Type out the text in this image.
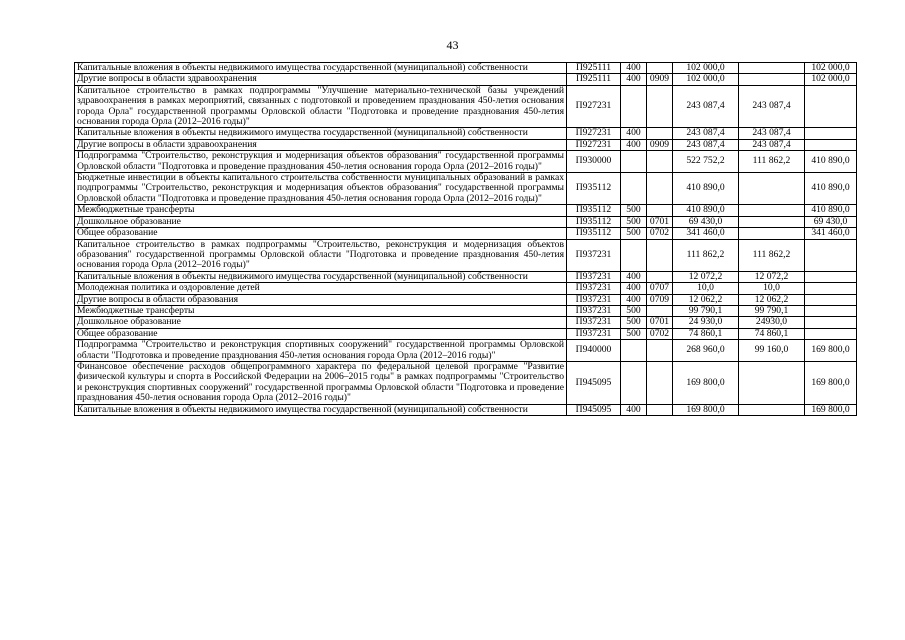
43
Капитальные вложения в объекты недвижимого имущества государственной (муниципальной) собственности	П925111	400		102 000,0		102 000,0
Другие вопросы в области здравоохранения	П925111	400	0909	102 000,0		102 000,0
Капитальное строительство в рамках подпрограммы "Улучшение материально-технической базы учреждений здравоохранения в рамках мероприятий, связанных с подготовкой и проведением празднования 450-летия основания города Орла" государственной программы Орловской области "Подготовка и проведение празднования 450-летия основания города Орла (2012–2016 годы)"	П927231			243 087,4	243 087,4	
Капитальные вложения в объекты недвижимого имущества государственной (муниципальной) собственности	П927231	400		243 087,4	243 087,4	
Другие вопросы в области здравоохранения	П927231	400	0909	243 087,4	243 087,4	
Подпрограмма "Строительство, реконструкция и модернизация объектов образования" государственной программы Орловской области "Подготовка и проведение празднования 450-летия основания города Орла (2012–2016 годы)"	П930000			522 752,2	111 862,2	410 890,0
Бюджетные инвестиции в объекты капитального строительства собственности муниципальных образований в рамках подпрограммы "Строительство, реконструкция и модернизация объектов образования" государственной программы Орловской области "Подготовка и проведение празднования 450-летия основания города Орла (2012–2016 годы)"	П935112			410 890,0		410 890,0
Межбюджетные трансферты	П935112	500		410 890,0		410 890,0
Дошкольное образование	П935112	500	0701	69 430,0		69 430,0
Общее образование	П935112	500	0702	341 460,0		341 460,0
Капитальное строительство в рамках подпрограммы "Строительство, реконструкция и модернизация объектов образования" государственной программы Орловской области "Подготовка и проведение празднования 450-летия основания города Орла (2012–2016 годы)"	П937231			111 862,2	111 862,2	
Капитальные вложения в объекты недвижимого имущества государственной (муниципальной) собственности	П937231	400		12 072,2	12 072,2	
Молодежная политика и оздоровление детей	П937231	400	0707	10,0	10,0	
Другие вопросы в области образования	П937231	400	0709	12 062,2	12 062,2	
Межбюджетные трансферты	П937231	500		99 790,1	99 790,1	
Дошкольное образование	П937231	500	0701	24 930,0	24930,0	
Общее образование	П937231	500	0702	74 860,1	74 860,1	
Подпрограмма "Строительство и реконструкция спортивных сооружений" государственной программы Орловской области "Подготовка и проведение празднования 450-летия основания города Орла (2012–2016 годы)"	П940000			268 960,0	99 160,0	169 800,0
Финансовое обеспечение расходов общепрограммного характера по федеральной целевой программе "Развитие физической культуры и спорта в Российской Федерации на 2006–2015 годы" в рамках подпрограммы "Строительство и реконструкция спортивных сооружений" государственной программы Орловской области "Подготовка и проведение празднования 450-летия основания города Орла (2012–2016 годы)"	П945095			169 800,0		169 800,0
Капитальные вложения в объекты недвижимого имущества государственной (муниципальной) собственности	П945095	400		169 800,0		169 800,0
